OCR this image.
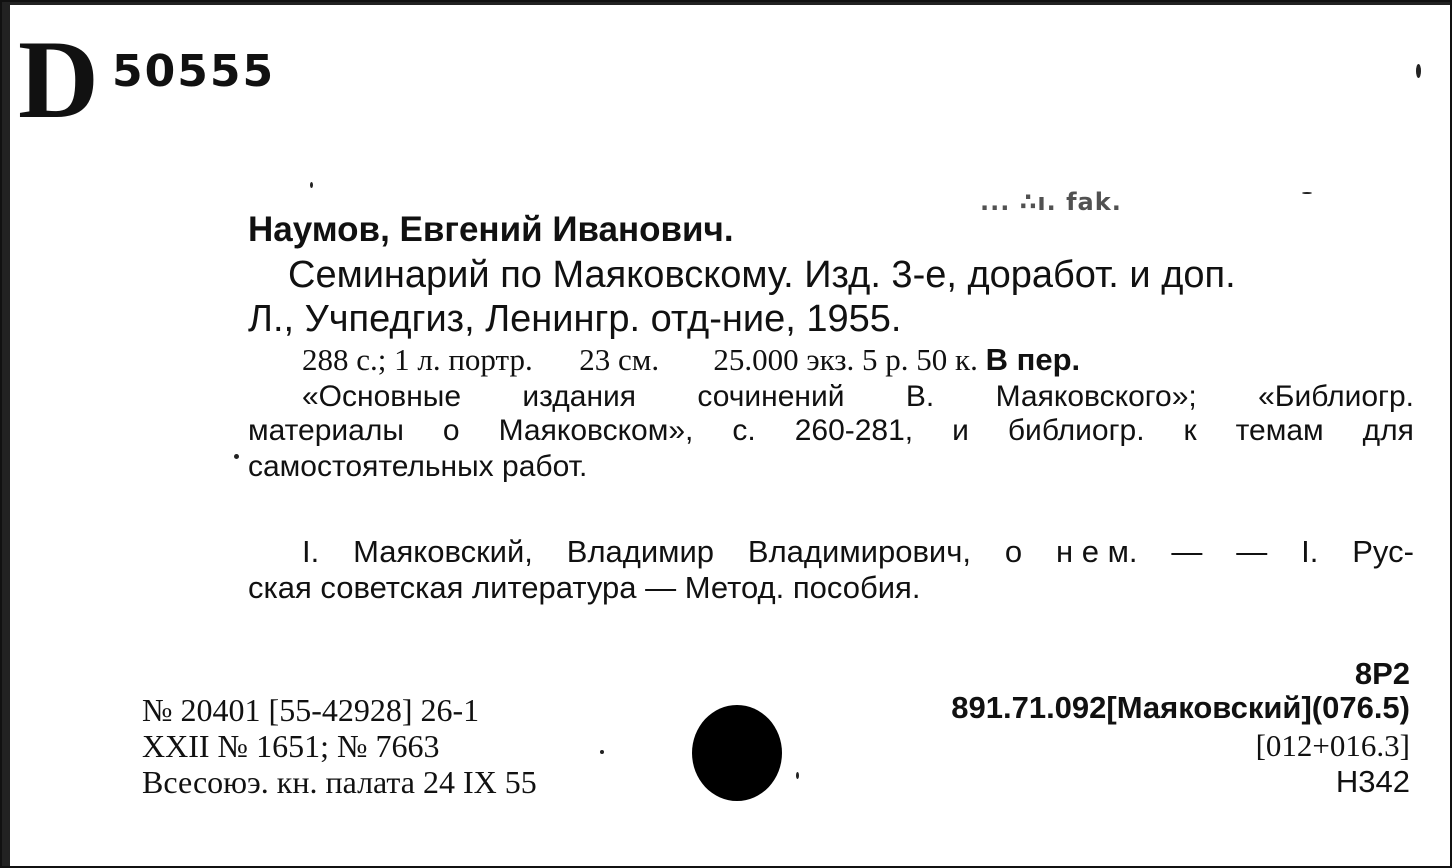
D 50555
... ∴ı. fak.
Наумов, Евгений Иванович.
Семинарий по Маяковскому. Изд. 3-е, доработ. и доп.
Л., Учпедгиз, Ленингр. отд-ние, 1955.
288 с.; 1 л. портр. 23 см. 25.000 экз. 5 р. 50 к. В пер.
«Основные издания сочинений В. Маяковского»; «Библиогр.
материалы о Маяковском», с. 260-281, и библиогр. к темам для
самостоятельных работ.
I. Маяковский, Владимир Владимирович, о н е м. — — I. Рус-
ская советская литература — Метод. пособия.
№ 20401 [55-42928] 26-1
XXII № 1651; № 7663
Всесоюэ. кн. палата 24 IX 55
8Р2
891.71.092[Маяковский](076.5)
[012+016.3]
Н342
